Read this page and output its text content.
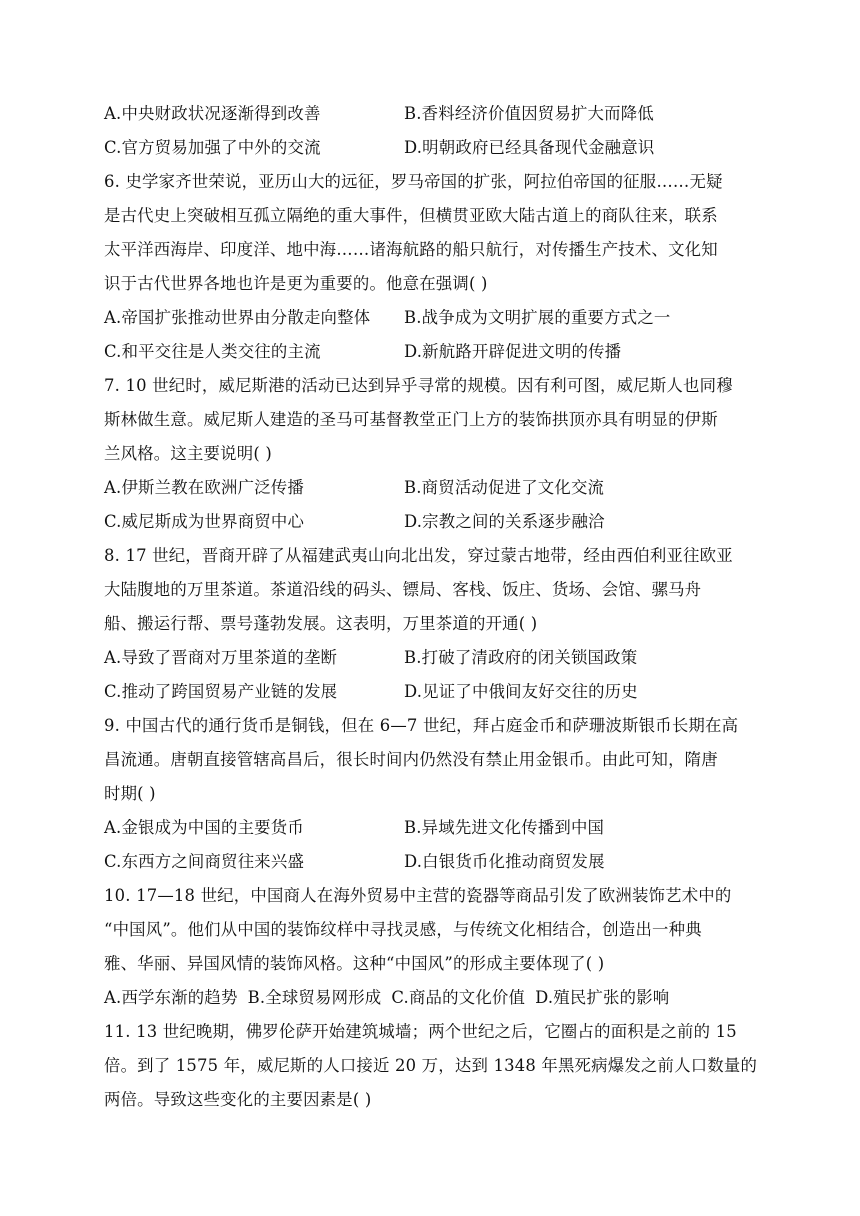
A.中央财政状况逐渐得到改善	B.香料经济价值因贸易扩大而降低
C.官方贸易加强了中外的交流	D.明朝政府已经具备现代金融意识
6. 史学家齐世荣说，亚历山大的远征，罗马帝国的扩张，阿拉伯帝国的征服……无疑
是古代史上突破相互孤立隔绝的重大事件，但横贯亚欧大陆古道上的商队往来，联系
太平洋西海岸、印度洋、地中海……诸海航路的船只航行，对传播生产技术、文化知
识于古代世界各地也许是更为重要的。他意在强调( )
A.帝国扩张推动世界由分散走向整体	B.战争成为文明扩展的重要方式之一
C.和平交往是人类交往的主流	D.新航路开辟促进文明的传播
7. 10 世纪时，威尼斯港的活动已达到异乎寻常的规模。因有利可图，威尼斯人也同穆
斯林做生意。威尼斯人建造的圣马可基督教堂正门上方的装饰拱顶亦具有明显的伊斯
兰风格。这主要说明( )
A.伊斯兰教在欧洲广泛传播	B.商贸活动促进了文化交流
C.威尼斯成为世界商贸中心	D.宗教之间的关系逐步融洽
8. 17 世纪，晋商开辟了从福建武夷山向北出发，穿过蒙古地带，经由西伯利亚往欧亚
大陆腹地的万里茶道。茶道沿线的码头、镖局、客栈、饭庄、货场、会馆、骡马舟
船、搬运行帮、票号蓬勃发展。这表明，万里茶道的开通( )
A.导致了晋商对万里茶道的垄断	B.打破了清政府的闭关锁国政策
C.推动了跨国贸易产业链的发展	D.见证了中俄间友好交往的历史
9. 中国古代的通行货币是铜钱，但在 6—7 世纪，拜占庭金币和萨珊波斯银币长期在高
昌流通。唐朝直接管辖高昌后，很长时间内仍然没有禁止用金银币。由此可知，隋唐
时期( )
A.金银成为中国的主要货币	B.异域先进文化传播到中国
C.东西方之间商贸往来兴盛	D.白银货币化推动商贸发展
10. 17—18 世纪，中国商人在海外贸易中主营的瓷器等商品引发了欧洲装饰艺术中的
“中国风”。他们从中国的装饰纹样中寻找灵感，与传统文化相结合，创造出一种典
雅、华丽、异国风情的装饰风格。这种“中国风”的形成主要体现了( )
A.西学东渐的趋势 B.全球贸易网形成 C.商品的文化价值 D.殖民扩张的影响
11. 13 世纪晚期，佛罗伦萨开始建筑城墙；两个世纪之后，它圈占的面积是之前的 15
倍。到了 1575 年，威尼斯的人口接近 20 万，达到 1348 年黑死病爆发之前人口数量的
两倍。导致这些变化的主要因素是( )
